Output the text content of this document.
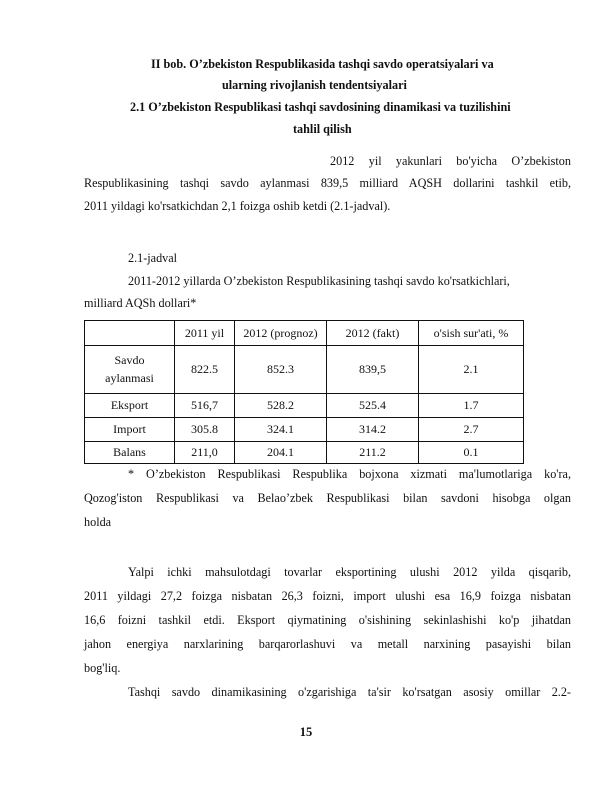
II bob. O’zbekiston Respublikasida tashqi savdo operatsiyalari va
ularning rivojlanish tendentsiyalari
2.1 O’zbekiston Respublikasi tashqi savdosining dinamikasi va tuzilishini
tahlil qilish
2012 yil yakunlari bo'yicha O’zbekiston
Respublikasining tashqi savdo aylanmasi 839,5 milliard AQSH dollarini tashkil etib,
2011 yildagi ko'rsatkichdan 2,1 foizga oshib ketdi (2.1-jadval).
2.1-jadval
2011-2012 yillarda O’zbekiston Respublikasining tashqi savdo ko'rsatkichlari,
milliard AQSh dollari*
	2011 yil	2012 (prognoz)	2012 (fakt)	o'sish sur'ati, %

Savdo
aylanmasi	822.5	852.3	839,5	2.1
Eksport	516,7	528.2	525.4	1.7
Import	305.8	324.1	314.2	2.7
Balans	211,0	204.1	211.2	0.1
* O’zbekiston Respublikasi Respublika bojxona xizmati ma'lumotlariga ko'ra,
Qozog'iston Respublikasi va Belao’zbek Respublikasi bilan savdoni hisobga olgan
holda
Yalpi ichki mahsulotdagi tovarlar eksportining ulushi 2012 yilda qisqarib,
2011 yildagi 27,2 foizga nisbatan 26,3 foizni, import ulushi esa 16,9 foizga nisbatan
16,6 foizni tashkil etdi. Eksport qiymatining o'sishining sekinlashishi ko'p jihatdan
jahon energiya narxlarining barqarorlashuvi va metall narxining pasayishi bilan
bog'liq.
Tashqi savdo dinamikasining o'zgarishiga ta'sir ko'rsatgan asosiy omillar 2.2-
15
